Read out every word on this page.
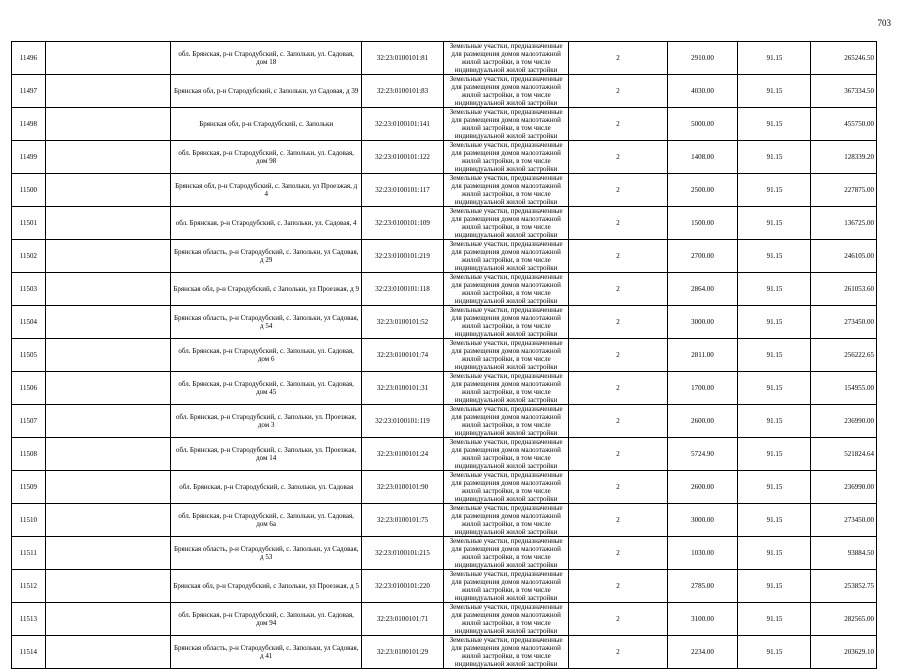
703
11496		обл. Брянская, р-н Стародубский, с. Запольки, ул. Садовая, дом 18	32:23:0100101:81	Земельные участки, предназначенные для размещения домов малоэтажной жилой застройки, в том числе индивидуальной жилой застройки	2	2910.00	91.15	265246.50
11497		Брянская обл, р-н Стародубский, с Запольки, ул Садовая, д 39	32:23:0100101:83	Земельные участки, предназначенные для размещения домов малоэтажной жилой застройки, в том числе индивидуальной жилой застройки	2	4030.00	91.15	367334.50
11498		Брянская обл, р-н Стародубский, с. Запольки	32:23:0100101:141	Земельные участки, предназначенные для размещения домов малоэтажной жилой застройки, в том числе индивидуальной жилой застройки	2	5000.00	91.15	455750.00
11499		обл. Брянская, р-н Стародубский, с. Запольки, ул. Садовая, дом 98	32:23:0100101:122	Земельные участки, предназначенные для размещения домов малоэтажной жилой застройки, в том числе индивидуальной жилой застройки	2	1408.00	91.15	128339.20
11500		Брянская обл, р-н Стародубский, с. Запольки, ул Проезжая, д 4	32:23:0100101:117	Земельные участки, предназначенные для размещения домов малоэтажной жилой застройки, в том числе индивидуальной жилой застройки	2	2500.00	91.15	227875.00
11501		обл. Брянская, р-н Стародубский, с. Запольки, ул. Садовая, 4	32:23:0100101:109	Земельные участки, предназначенные для размещения домов малоэтажной жилой застройки, в том числе индивидуальной жилой застройки	2	1500.00	91.15	136725.00
11502		Брянская область, р-н Стародубский, с. Запольки, ул Садовая, д 29	32:23:0100101:219	Земельные участки, предназначенные для размещения домов малоэтажной жилой застройки, в том числе индивидуальной жилой застройки	2	2700.00	91.15	246105.00
11503		Брянская обл, р-н Стародубский, с Запольки, ул Проезжая, д 9	32:23:0100101:118	Земельные участки, предназначенные для размещения домов малоэтажной жилой застройки, в том числе индивидуальной жилой застройки	2	2864.00	91.15	261053.60
11504		Брянская область, р-н Стародубский, с. Запольки, ул Садовая, д 54	32:23:0100101:52	Земельные участки, предназначенные для размещения домов малоэтажной жилой застройки, в том числе индивидуальной жилой застройки	2	3000.00	91.15	273450.00
11505		обл. Брянская, р-н Стародубский, с. Запольки, ул. Садовая, дом 6	32:23:0100101:74	Земельные участки, предназначенные для размещения домов малоэтажной жилой застройки, в том числе индивидуальной жилой застройки	2	2811.00	91.15	256222.65
11506		обл. Брянская, р-н Стародубский, с. Запольки, ул. Садовая, дом 45	32:23:0100101:31	Земельные участки, предназначенные для размещения домов малоэтажной жилой застройки, в том числе индивидуальной жилой застройки	2	1700.00	91.15	154955.00
11507		обл. Брянская, р-н Стародубский, с. Запольки, ул. Проезжая, дом 3	32:23:0100101:119	Земельные участки, предназначенные для размещения домов малоэтажной жилой застройки, в том числе индивидуальной жилой застройки	2	2600.00	91.15	236990.00
11508		обл. Брянская, р-н Стародубский, с. Запольки, ул. Проезжая, дом 14	32:23:0100101:24	Земельные участки, предназначенные для размещения домов малоэтажной жилой застройки, в том числе индивидуальной жилой застройки	2	5724.90	91.15	521824.64
11509		обл. Брянская, р-н Стародубский, с. Запольки, ул. Садовая	32:23:0100101:90	Земельные участки, предназначенные для размещения домов малоэтажной жилой застройки, в том числе индивидуальной жилой застройки	2	2600.00	91.15	236990.00
11510		обл. Брянская, р-н Стародубский, с. Запольки, ул. Садовая, дом 6а	32:23:0100101:75	Земельные участки, предназначенные для размещения домов малоэтажной жилой застройки, в том числе индивидуальной жилой застройки	2	3000.00	91.15	273450.00
11511		Брянская область, р-н Стародубский, с. Запольки, ул Садовая, д 53	32:23:0100101:215	Земельные участки, предназначенные для размещения домов малоэтажной жилой застройки, в том числе индивидуальной жилой застройки	2	1030.00	91.15	93884.50
11512		Брянская обл, р-н Стародубский, с Запольки, ул Проезжая, д 5	32:23:0100101:220	Земельные участки, предназначенные для размещения домов малоэтажной жилой застройки, в том числе индивидуальной жилой застройки	2	2785.00	91.15	253852.75
11513		обл. Брянская, р-н Стародубский, с. Запольки, ул. Садовая, дом 94	32:23:0100101:71	Земельные участки, предназначенные для размещения домов малоэтажной жилой застройки, в том числе индивидуальной жилой застройки	2	3100.00	91.15	282565.00
11514		Брянская область, р-н Стародубский, с. Запольки, ул Садовая, д 41	32:23:0100101:29	Земельные участки, предназначенные для размещения домов малоэтажной жилой застройки, в том числе индивидуальной жилой застройки	2	2234.00	91.15	203629.10
